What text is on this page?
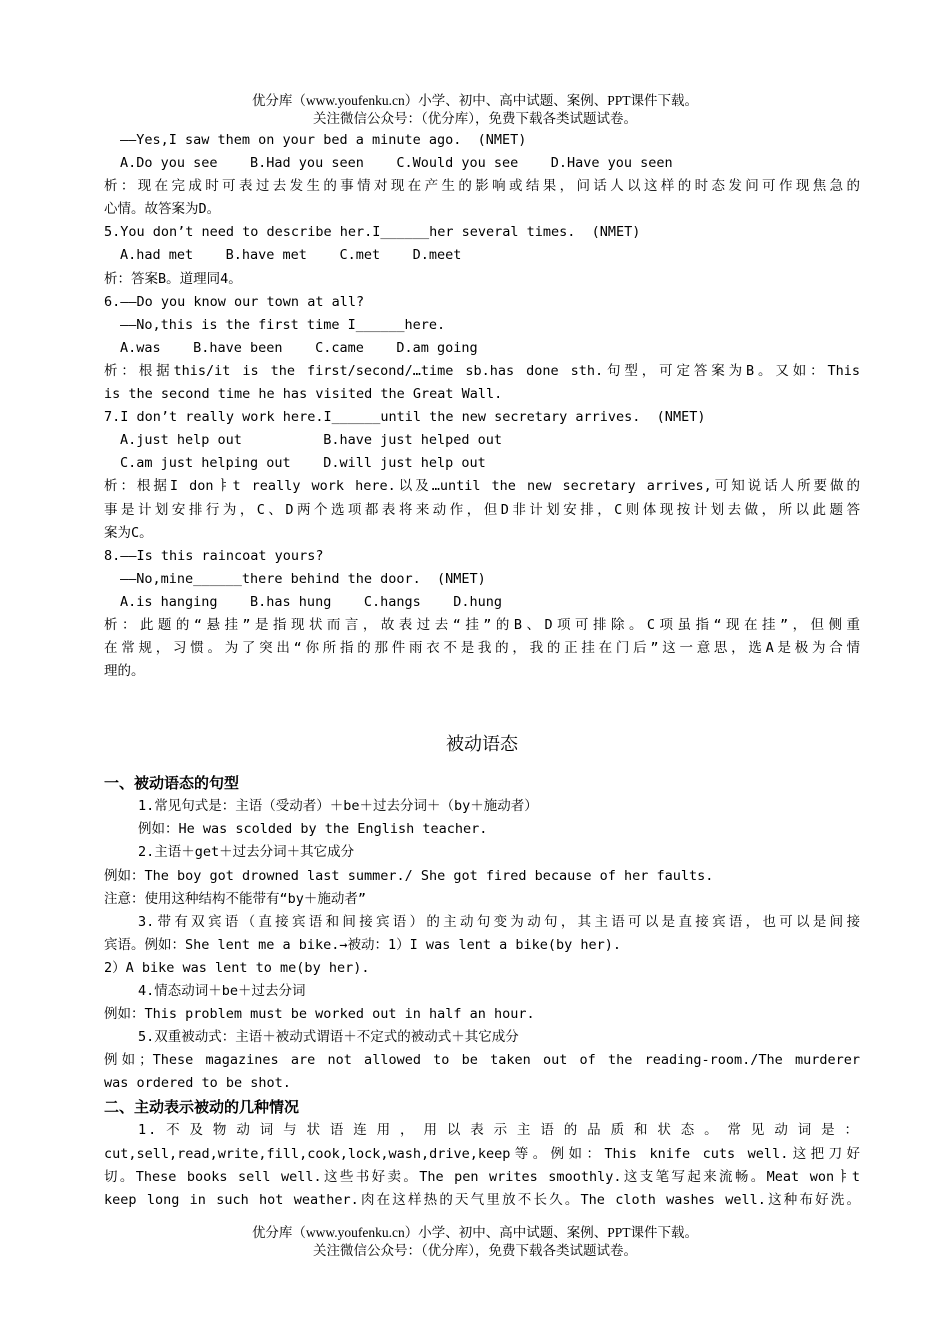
优分库（www.youfenku.cn）小学、初中、高中试题、案例、PPT课件下载。
关注微信公众号：（优分库），免费下载各类试题试卷。
——Yes,I saw them on your bed a minute ago.  (NMET)
A.Do you see    B.Had you seen    C.Would you see    D.Have you seen
析：现在完成时可表过去发生的事情对现在产生的影响或结果，问话人以这样的时态发问可作现焦急的
心情。故答案为D。
5.You don’t need to describe her.I______her several times.  (NMET)
A.had met    B.have met    C.met    D.meet
析：答案B。道理同4。
6.——Do you know our town at all?
——No,this is the first time I______here.
A.was    B.have been    C.came    D.am going
析：根据this/it is the first/second/…time sb.has done sth.句型，可定答案为B。又如：This
is the second time he has visited the Great Wall.
7.I don’t really work here.I______until the new secretary arrives.  (NMET)
A.just help out          B.have just helped out
C.am just helping out    D.will just help out
析：根据I donￄt really work here.以及…until the new secretary arrives,可知说话人所要做的
事是计划安排行为，C、D两个选项都表将来动作，但D非计划安排，C则体现按计划去做，所以此题答
案为C。
8.——Is this raincoat yours?
——No,mine______there behind the door.  (NMET)
A.is hanging    B.has hung    C.hangs    D.hung
析：此题的“悬挂”是指现状而言，故表过去“挂”的B、D项可排除。C项虽指“现在挂”，但侧重
在常规，习惯。为了突出“你所指的那件雨衣不是我的，我的正挂在门后”这一意思，选A是极为合情
理的。
被动语态
一、被动语态的句型
1.常见句式是：主语（受动者）＋be＋过去分词＋（by＋施动者）
例如：He was scolded by the English teacher.
2.主语＋get＋过去分词＋其它成分
例如：The boy got drowned last summer./ She got fired because of her faults.
注意：使用这种结构不能带有“by＋施动者”
3.带有双宾语（直接宾语和间接宾语）的主动句变为动句，其主语可以是直接宾语，也可以是间接
宾语。例如：She lent me a bike.→被动：1）I was lent a bike(by her).
2）A bike was lent to me(by her).
4.情态动词＋be＋过去分词
例如：This problem must be worked out in half an hour.
5.双重被动式：主语＋被动式谓语＋不定式的被动式＋其它成分
例如；These magazines are not allowed to be taken out of the reading-room./The murderer
was ordered to be shot.
二、主动表示被动的几种情况
1.不及物动词与状语连用，用以表示主语的品质和状态。常见动词是：
cut,sell,read,write,fill,cook,lock,wash,drive,keep等。例如：This knife cuts well.这把刀好
切。These books sell well.这些书好卖。The pen writes smoothly.这支笔写起来流畅。Meat wonￄt
keep long in such hot weather.肉在这样热的天气里放不长久。The cloth washes well.这种布好洗。
优分库（www.youfenku.cn）小学、初中、高中试题、案例、PPT课件下载。
关注微信公众号：（优分库），免费下载各类试题试卷。
